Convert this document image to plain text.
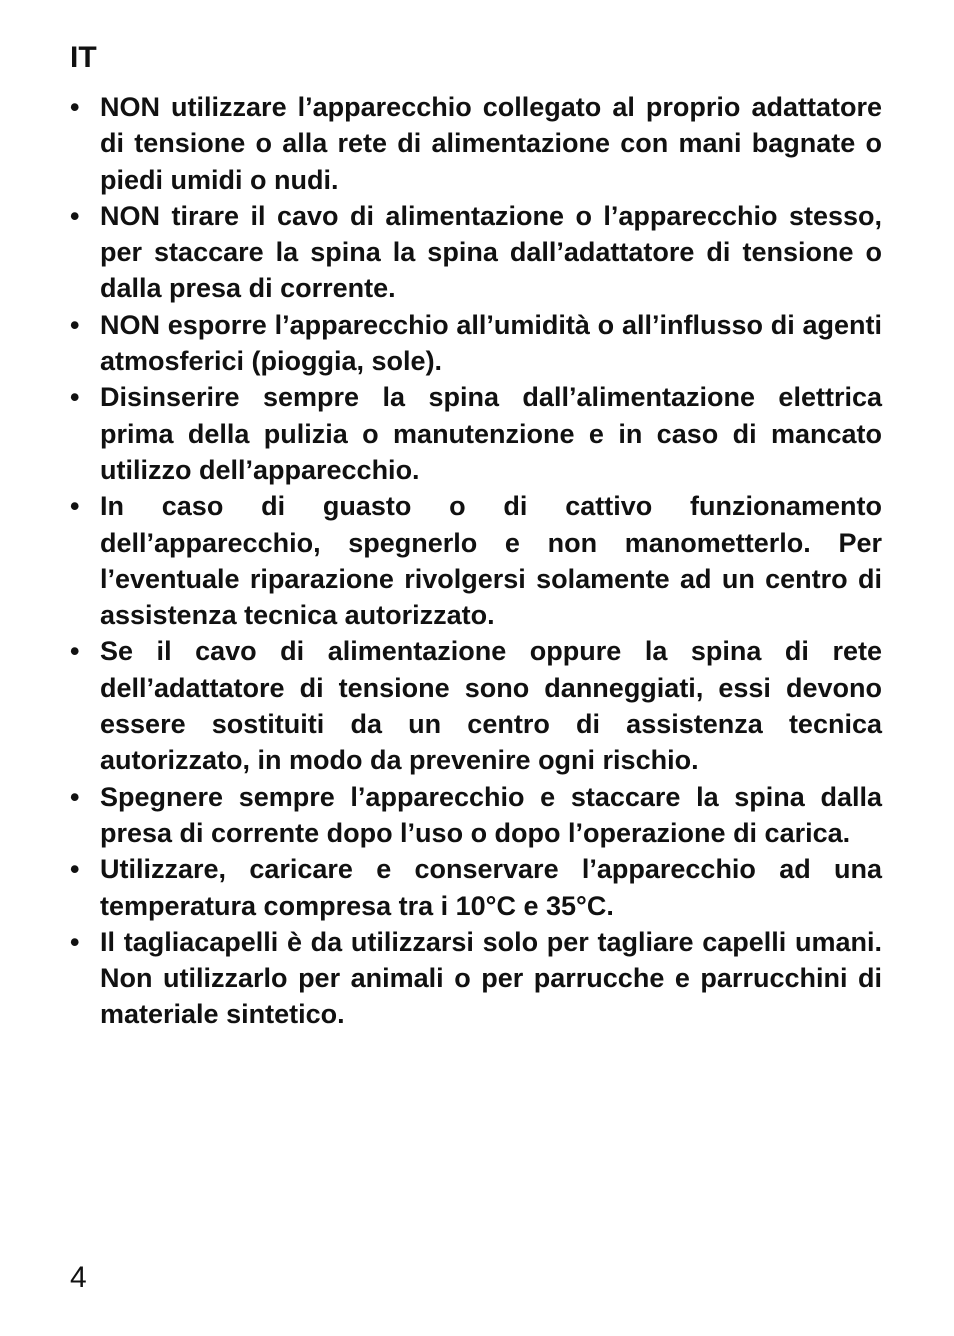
IT
• NON utilizzare l’apparecchio collegato al proprio adattatore di tensione o alla rete di alimentazione con mani bagnate o piedi umidi o nudi.
• NON tirare il cavo di alimentazione o l’apparecchio stesso, per staccare la spina la spina dall’adattatore di tensione o dalla presa di corrente.
• NON esporre l’apparecchio all’umidità o all’influsso di agenti atmosferici (pioggia, sole).
• Disinserire sempre la spina dall’alimentazione elettrica prima della pulizia o manutenzione e in caso di mancato utilizzo dell’apparecchio.
• In caso di guasto o di cattivo funzionamento dell’apparecchio, spegnerlo e non manometterlo. Per l’eventuale riparazione rivolgersi solamente ad un centro di assistenza tecnica autorizzato.
• Se il cavo di alimentazione oppure la spina di rete dell’adattatore di tensione sono danneggiati, essi devono essere sostituiti da un centro di assistenza tecnica autorizzato, in modo da prevenire ogni rischio.
• Spegnere sempre l’apparecchio e staccare la spina dalla presa di corrente dopo l’uso o dopo l’operazione di carica.
• Utilizzare, caricare e conservare l’apparecchio ad una temperatura compresa tra i 10°C e 35°C.
• Il tagliacapelli è da utilizzarsi solo per tagliare capelli umani. Non utilizzarlo per animali o per parrucche e parrucchini di materiale sintetico.
4
